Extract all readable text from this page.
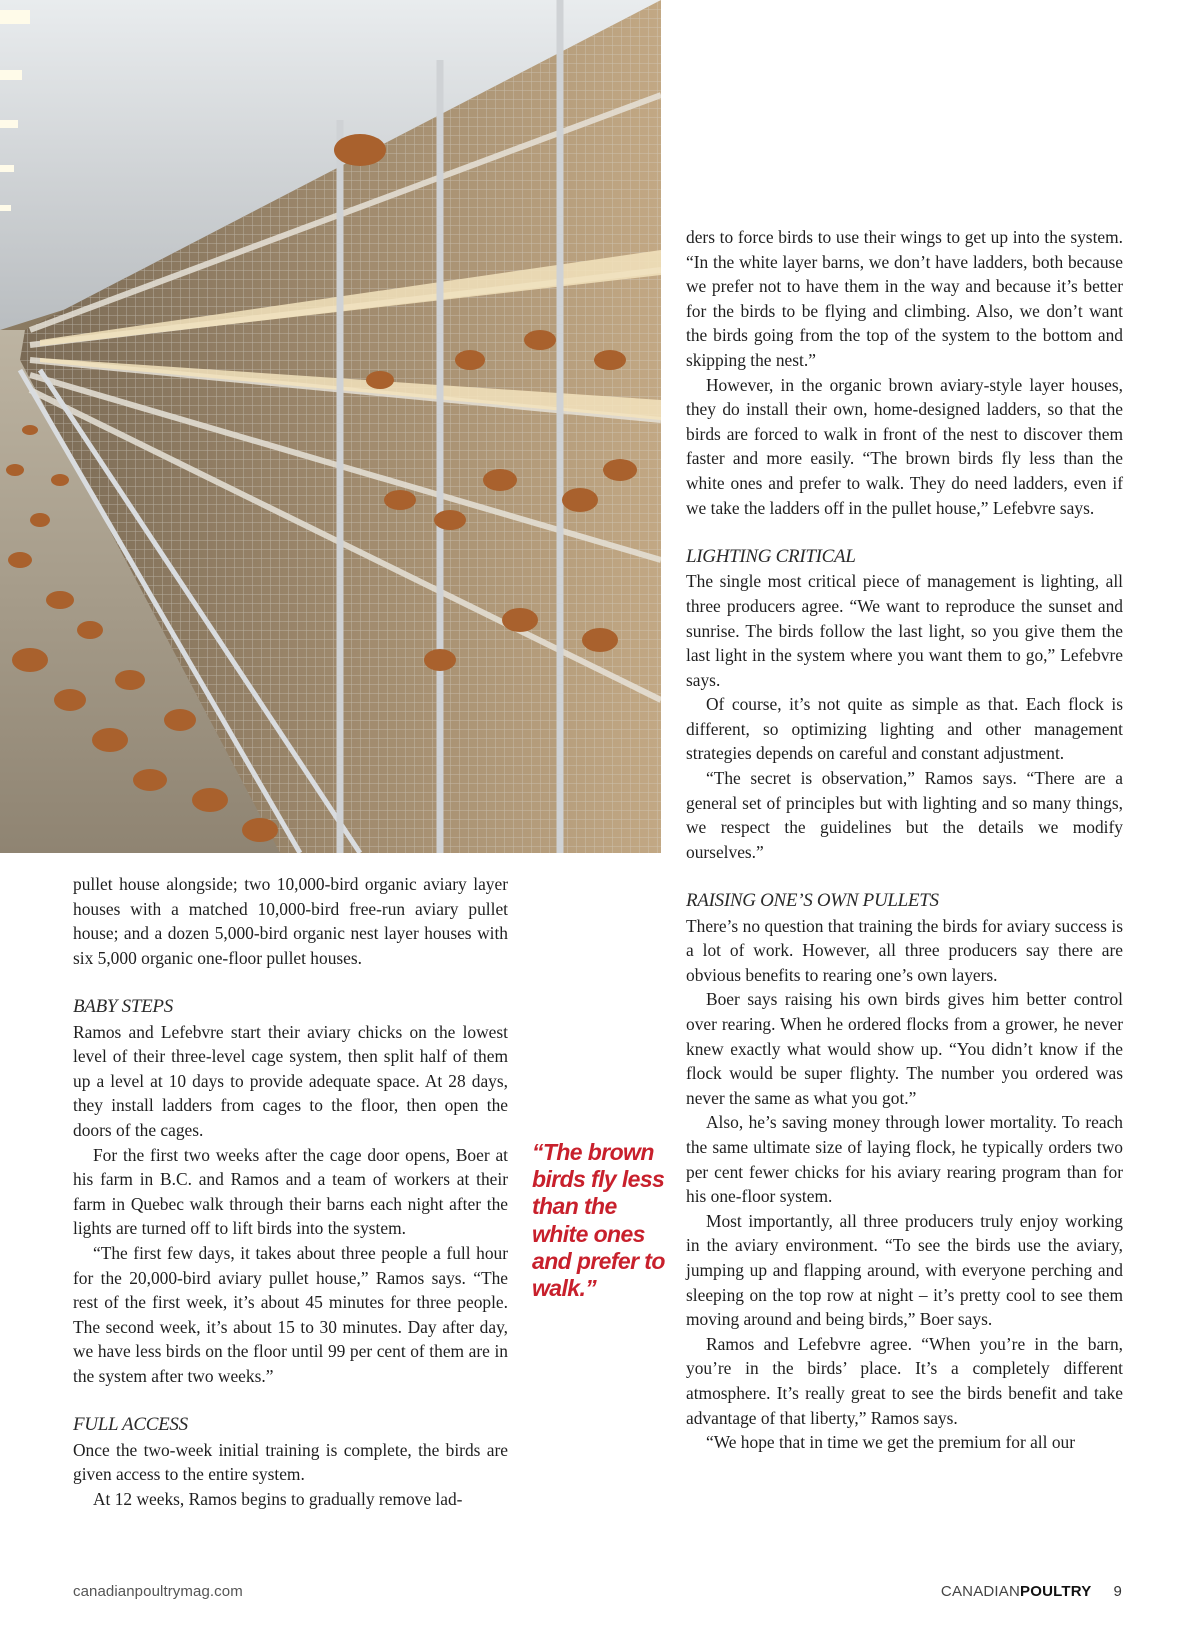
pullet house alongside; two 10,000-bird organic aviary layer houses with a matched 10,000-bird free-run aviary pullet house; and a dozen 5,000-bird organic nest layer houses with six 5,000 organic one-floor pullet houses.

BABY STEPS

Ramos and Lefebvre start their aviary chicks on the lowest level of their three-level cage system, then split half of them up a level at 10 days to provide adequate space. At 28 days, they install ladders from cages to the floor, then open the doors of the cages.

For the first two weeks after the cage door opens, Boer at his farm in B.C. and Ramos and a team of workers at their farm in Quebec walk through their barns each night after the lights are turned off to lift birds into the system.

“The first few days, it takes about three people a full hour for the 20,000-bird aviary pullet house,” Ramos says. “The rest of the first week, it’s about 45 minutes for three people. The second week, it’s about 15 to 30 minutes. Day after day, we have less birds on the floor until 99 per cent of them are in the system after two weeks.”

FULL ACCESS

Once the two-week initial training is complete, the birds are given access to the entire system.

At 12 weeks, Ramos begins to gradually remove lad-

“The brown birds fly less than the white ones and prefer to walk.”

ders to force birds to use their wings to get up into the system. “In the white layer barns, we don’t have ladders, both because we prefer not to have them in the way and because it’s better for the birds to be flying and climbing. Also, we don’t want the birds going from the top of the system to the bottom and skipping the nest.”

However, in the organic brown aviary-style layer houses, they do install their own, home-designed ladders, so that the birds are forced to walk in front of the nest to discover them faster and more easily. “The brown birds fly less than the white ones and prefer to walk. They do need ladders, even if we take the ladders off in the pullet house,” Lefebvre says.

LIGHTING CRITICAL

The single most critical piece of management is lighting, all three producers agree. “We want to reproduce the sunset and sunrise. The birds follow the last light, so you give them the last light in the system where you want them to go,” Lefebvre says.

Of course, it’s not quite as simple as that. Each flock is different, so optimizing lighting and other management strategies depends on careful and constant adjustment.

“The secret is observation,” Ramos says. “There are a general set of principles but with lighting and so many things, we respect the guidelines but the details we modify ourselves.”

RAISING ONE’S OWN PULLETS

There’s no question that training the birds for aviary success is a lot of work. However, all three producers say there are obvious benefits to rearing one’s own layers.

Boer says raising his own birds gives him better control over rearing. When he ordered flocks from a grower, he never knew exactly what would show up. “You didn’t know if the flock would be super flighty. The number you ordered was never the same as what you got.”

Also, he’s saving money through lower mortality. To reach the same ultimate size of laying flock, he typically orders two per cent fewer chicks for his aviary rearing program than for his one-floor system.

Most importantly, all three producers truly enjoy working in the aviary environment. “To see the birds use the aviary, jumping up and flapping around, with everyone perching and sleeping on the top row at night – it’s pretty cool to see them moving around and being birds,” Boer says.

Ramos and Lefebvre agree. “When you’re in the barn, you’re in the birds’ place. It’s a completely different atmosphere. It’s really great to see the birds benefit and take advantage of that liberty,” Ramos says.

“We hope that in time we get the premium for all our

canadianpoultrymag.com	CANADIANPOULTRY 9
